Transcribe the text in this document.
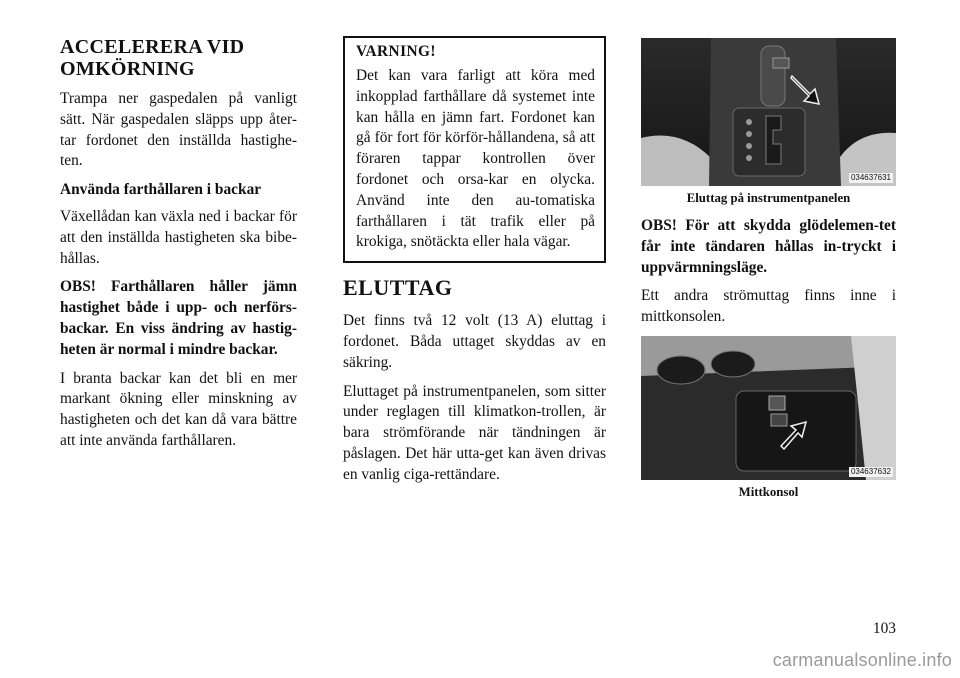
ACCELERERA VID OMKÖRNING

Trampa ner gaspedalen på vanligt sätt. När gaspedalen släpps upp åter-tar fordonet den inställda hastighe-ten.

Använda farthållaren i backar

Växellådan kan växla ned i backar för att den inställda hastigheten ska bibe-hållas.

OBS! Farthållaren håller jämn hastighet både i upp- och nerförs-backar. En viss ändring av hastig-heten är normal i mindre backar.

I branta backar kan det bli en mer markant ökning eller minskning av hastigheten och det kan då vara bättre att inte använda farthållaren.

VARNING!

Det kan vara farligt att köra med inkopplad farthållare då systemet inte kan hålla en jämn fart. Fordonet kan gå för fort för körför-hållandena, så att föraren tappar kontrollen över fordonet och orsa-kar en olycka. Använd inte den au-tomatiska farthållaren i tät trafik eller på krokiga, snötäckta eller hala vägar.

ELUTTAG

Det finns två 12 volt (13 A) eluttag i fordonet. Båda uttaget skyddas av en säkring.

Eluttaget på instrumentpanelen, som sitter under reglagen till klimatkon-trollen, är bara strömförande när tändningen är påslagen. Det här utta-get kan även drivas en vanlig ciga-rettändare.

034637631
Eluttag på instrumentpanelen

OBS! För att skydda glödelemen-tet får inte tändaren hållas in-tryckt i uppvärmningsläge.

Ett andra strömuttag finns inne i mittkonsolen.

034637632
Mittkonsol
103
carmanualsonline.info
